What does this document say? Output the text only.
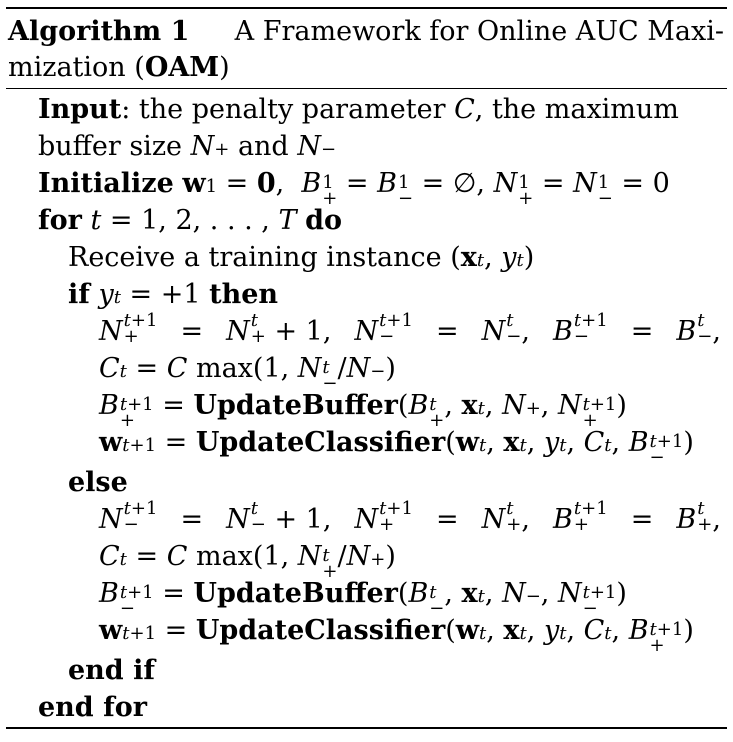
Algorithm 1 A Framework for Online AUC Maxi-
mization (OAM)
Input: the penalty parameter C, the maximum
buffer size
N +
and
N −
Initialize
w 1 = 0 , B 1
+ = B 1
− = ∅, N 1
+ = N 1
− = 0
for
t
= 1, 2, . . . ,
T
do
Receive a training instance ( x t , y t )
if
y t = +1 then
N t+1
+	= N t
+ + 1, N t+1
−	= N t
− , B t+1
−	= B t
− ,
C t = C
max (1, N t
− / N − )
B t+1
+ = UpdateBuffer ( B t
+ , x t , N + , N t+1
+ )
w t+1 = UpdateClassifier ( w t , x t , y t , C t , B t+1
− )
else
N t+1
−	= N t
− + 1, N t+1
+	= N t
+ , B t+1
+	= B t
+ ,
C t = C
max (1, N t
+ / N + )
B t+1
− = UpdateBuffer ( B t
− , x t , N − , N t+1
− )
w t+1 = UpdateClassifier ( w t , x t , y t , C t , B t+1
+ )
end if
end for
